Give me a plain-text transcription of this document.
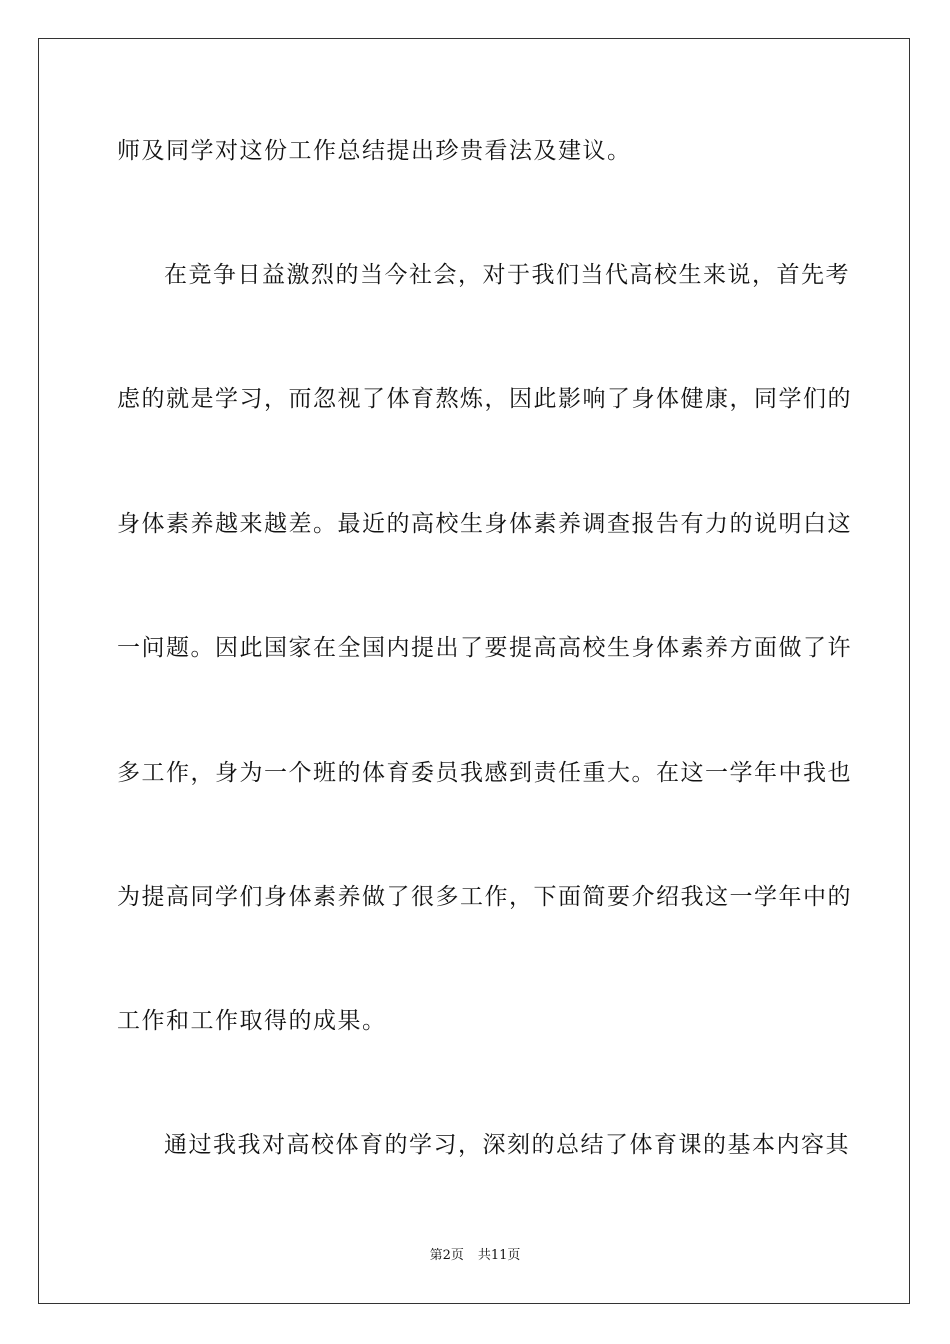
师及同学对这份工作总结提出珍贵看法及建议。
在竞争日益激烈的当今社会，对于我们当代高校生来说，首先考
虑的就是学习，而忽视了体育熬炼，因此影响了身体健康，同学们的
身体素养越来越差。最近的高校生身体素养调查报告有力的说明白这
一问题。因此国家在全国内提出了要提高高校生身体素养方面做了许
多工作，身为一个班的体育委员我感到责任重大。在这一学年中我也
为提高同学们身体素养做了很多工作，下面简要介绍我这一学年中的
工作和工作取得的成果。
通过我我对高校体育的学习，深刻的总结了体育课的基本内容其
第2页 共11页
